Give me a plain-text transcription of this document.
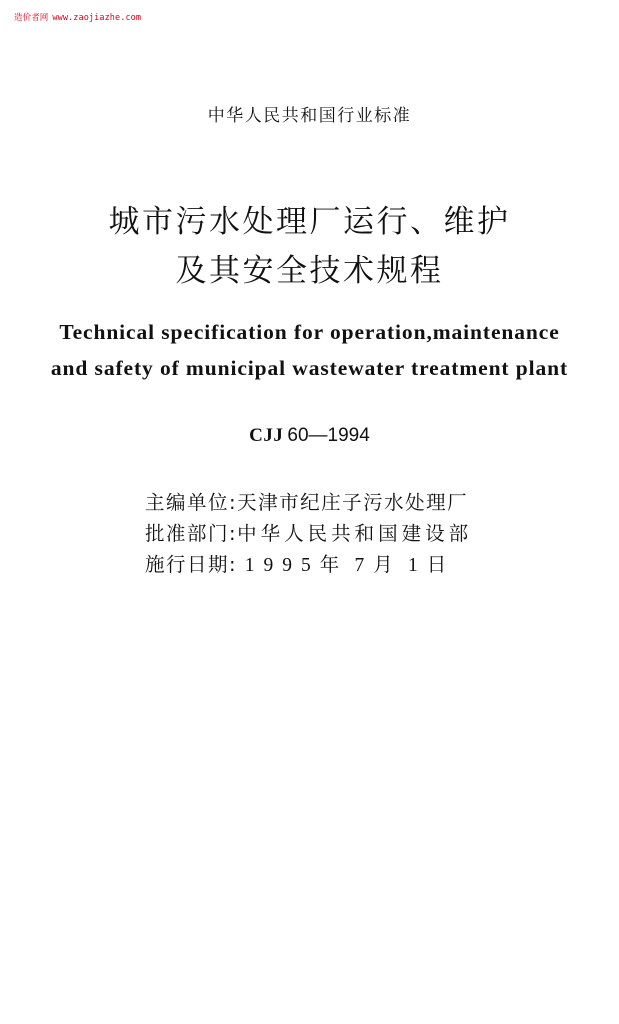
造价者网 www.zaojiazhe.com
中华人民共和国行业标准
城市污水处理厂运行、维护
及其安全技术规程
Technical specification for operation,maintenance
and safety of municipal wastewater treatment plant
CJJ 60—1994
主编单位:天津市纪庄子污水处理厂
批准部门:中华人民共和国建设部
施行日期: 1995年 7月 1日
